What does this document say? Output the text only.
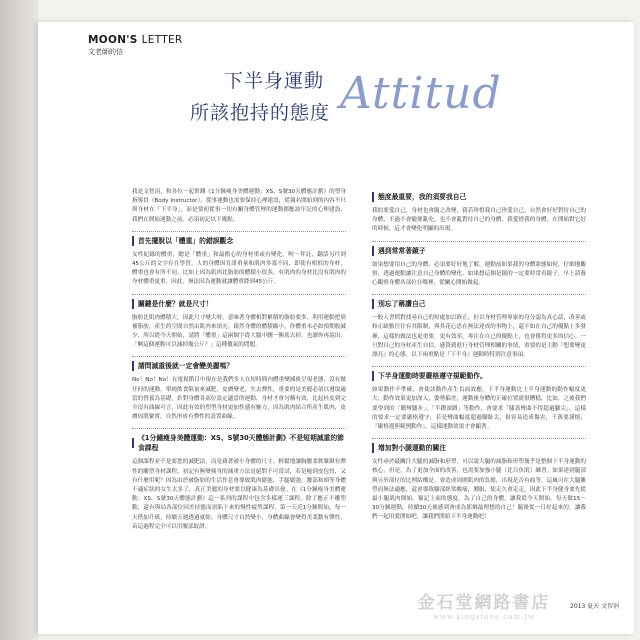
MOON'S LETTER
文老師的信
Attitud
下半身運動
所該抱持的態度

我是文智涓，和各位一起實踐《1分鐘瘦身美體運動：XS、S號30天體態計劃》的塑身指導員（Body Instructor）。從事運動也需要保持心理建設，從報名開始到的內容不只與身材在「下半身」，而是要初從事一切有關身體管理的運動都應該牢記的心理建設，我們在開始運動之前，必須初記以下幾點。

首先擺脫以「體重」的錯誤觀念

女性紀錄的體重，總是「體重」和最擔心的身材重或有變化，喔～拜託，翻話另往到45公斤的文字存在學習。人的身體因肯諾重量和肌肉多寡不同，即使有相似的身材，體重也會有所不同。比如上因為肌肉比脂肪的體積小很多，有肌肉的身材比沒有肌肉的身材體重更重，因此，無法因為運動就讓體重降到45公斤。

關鍵是什麼？就是尺寸！

脂肪比肌肉體積大，因此尺寸變大時，意味著身體相對累積的脂肪要多，利用運動把填補脂肪，產生的空間自然由肌肉來填充。藉然身體的體積縮小，你體重未必如預期般減少，所以從今天開始，請將「體重」這兩個字從大腦中刪一衡底去掉，也讀你再說出：「啊這個運動可以減掉幾公斤？」這種傻氣的問題。

請問減重後就一定會變美麗嗎？

No！No！No！在電視節目中現在是我們多人在短時間內體重變減後呈現老態，沒有做任何的運動，單純飲食限量來減肥，皮膚變老，失去彈性，重要的是美麗必須以遵取適當的營養為基礎，針對身體各部位設定適當的運動，身材才會匀稱有效，比起桂皮到完全沒有曲線可言，因此有效的塑型身材更加性感有魅力，因為肌肉結合所產生肌肉，皮膚因肌緊實，自然形成有彈性的設置曲線。

《1分鐘瘦身美體運動：XS、S號30天體態計劃》不是短期減重的節食課程

這個課程並不是要您的減肥法，而是藉著被小身體的尺寸、輕鬆地讓胸腰柔軟緊緻有彈性的雕塑身材課程。初記有無變痩身的減重方法是絕對不可當試，若是瘦到皮包骨，又有什麼用呢？因為由於被脂肪的生活作息會導致肌肉鬆弛，手腿鬆弛，腰部和頸等身體不適症狀的女生太多了，真正美麗的身材要以健康為基礎出發。在《1分鐘瘦身美體運動：XS、S號30天體態計劃》這一系列的課程中包含多樣運三課程，除了應正不雕塑動，還有與局各部位因差持態而需陷下來的慢性疲勞課程，第一天近1分鐘開始，每一天搭加升級，持續五週透過就妳，身體尺寸自然變小，身體曲線會變得美柔動有彈性，苗這過程完全可以用腰部取證。

態度最重要，我的須要我自己

我的要愛自己，身材也會隨之改變，我若珍惜我自己珍愛自己，自然會好好對待自己的身體，不過不會隨便亂吃，也不會亂對待自己的身體，我愛惜我的身體，在開始對它好的時候，這才會變化明顯的出現。

遇到常常著鏡子

如果想要用自己的身體，必須要好好地了解，運動前如果我的身體狀態如何，仔細地觀察，透過運動讓注意自己身體的變化。如果想這個是鏡的一定要時常看鏡子，早上請養心觀察身體各部位在哪裡，從關心開始做起。

別忘了稱讚自己

一般人習慣對找尋自己的短處加以修正，但以身材管理專家的身分認為真心話，改善或修正缺點往往有其限制，與其花心思在無法達成的事物上，還不如在自己的優點上多發揮，這樣的做法也更重要，更有效率，專注在自己的優點上，也會獲得更多的信心。一旦對自己的身材產生自信，感覺到進行身材管理相關的事情，重要的是主動『想要變更漂亮』的心態，以下兩重點是『下半身』運動時特別注意事項。

下半身運動時要嚴格遵守規範動作。

如果動作不準確，會使該動作產生負面效應，下半身運動比上半身運動的動作幅度更大，動作效果更加深入，姿勢偏差，運動後身體的正確位置就很糟糕，比如，之後我們要學到的「側彎腰步」、「半蹲深蹲」等動作，會要求「膝蓋彎曲不得超過腳尖」，這樣的要求一定要嚴格遵守，若是彎曲幅度超過腳趾尖，很容易造成傷害，千萬要謹慎，『嚴格遵照範例動作』，這樣運動效果才會顯著。

增加對小腿運動的關注

女性尋於最關注大腿的減脂和形塑，可以說大腿的減脂和形塑幾乎是整個下半身運動的核心，但是，為了更加全面的改善，也需要加強小腿（比目魚肌）練習。如果達到腿部與另外部位的比例結構是，會造成周圍肌肉的負擔，出現是否有痛等，這風可在大腿雕塑而無法適應，還會導致腳部經常酸痛，腫脹，使走久會走走，因此下半身健身要先從最小腿肌肉開始。緊記上面的態度，為了自己的身體，讓我從今天開始，每天做15～30分鐘運動，持續30天後感到會成為那個最理想的自己！隨後從一日好起來的，讓我們一起用愛開始吧，讓我們開始下半身運動吧！

金石堂網路書店
www.kingstone.com.tw
2013 夏天 文智涓
